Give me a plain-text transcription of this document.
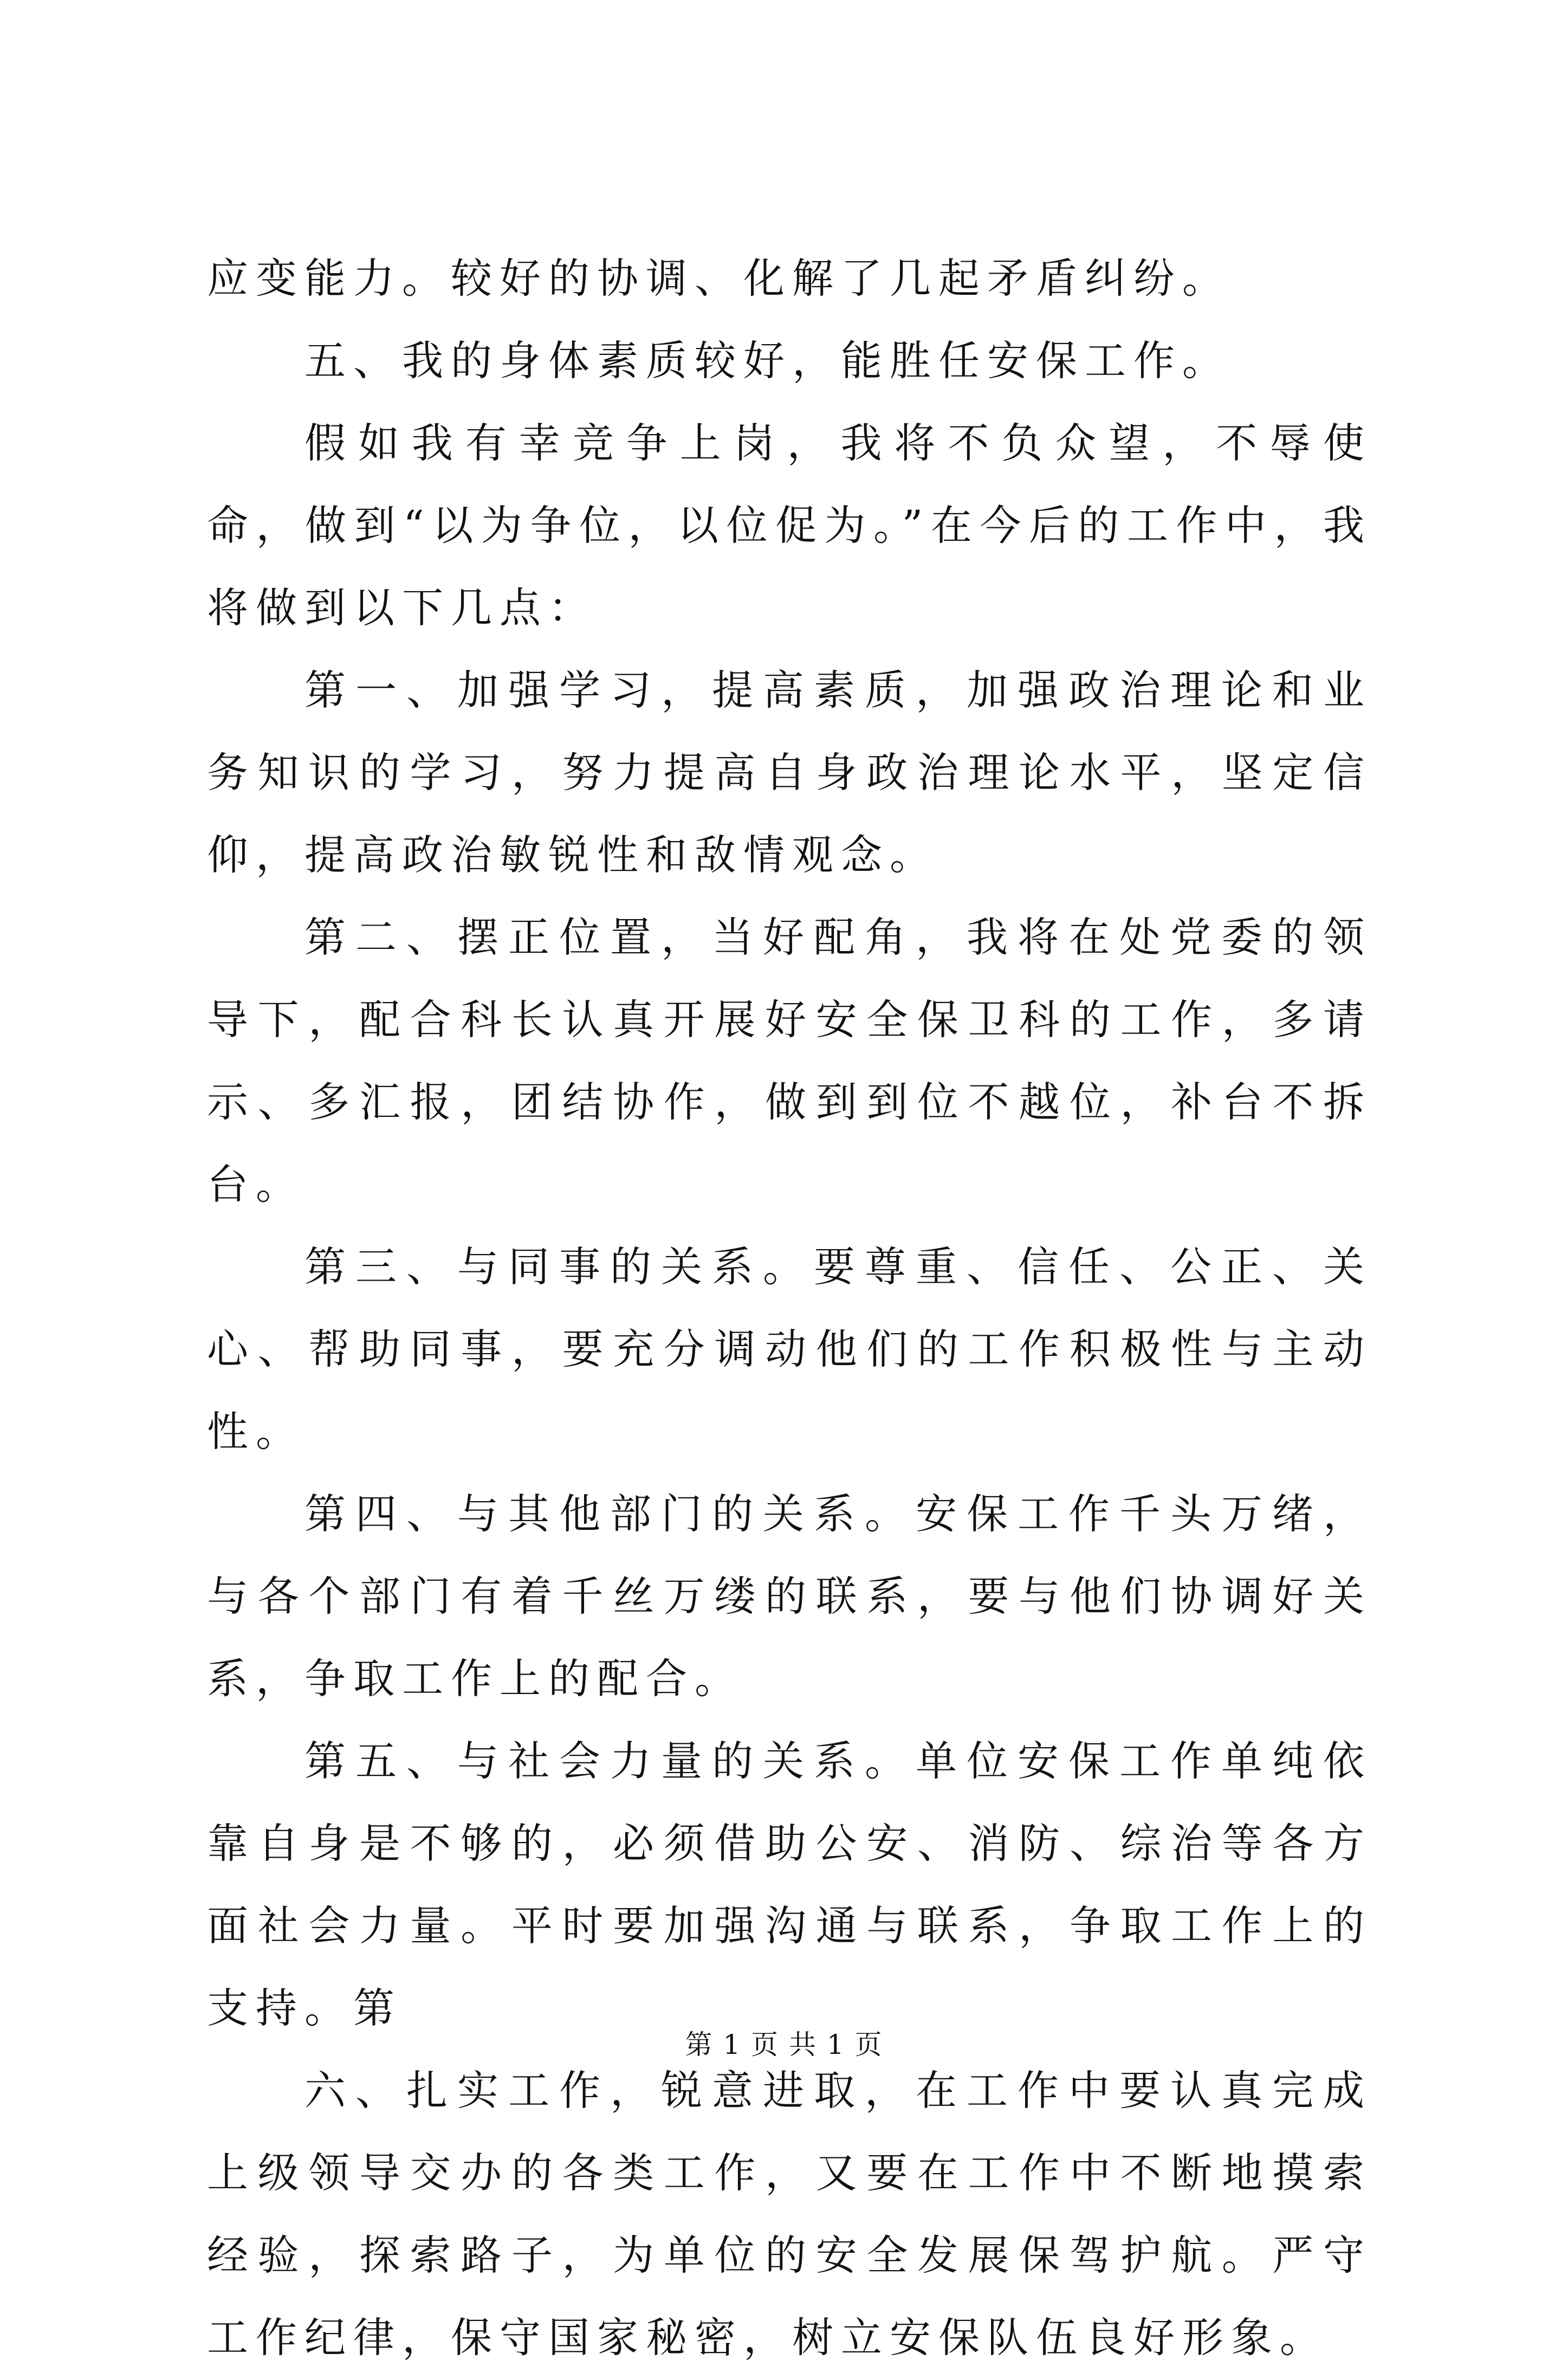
应变能力。较好的协调、化解了几起矛盾纠纷。

五、我的身体素质较好，能胜任安保工作。

假如我有幸竞争上岗，我将不负众望，不辱使命，做到“以为争位，以位促为。”在今后的工作中，我将做到以下几点：

第一、加强学习，提高素质，加强政治理论和业务知识的学习，努力提高自身政治理论水平，坚定信仰，提高政治敏锐性和敌情观念。

第二、摆正位置，当好配角，我将在处党委的领导下，配合科长认真开展好安全保卫科的工作，多请示、多汇报，团结协作，做到到位不越位，补台不拆台。

第三、与同事的关系。要尊重、信任、公正、关心、帮助同事，要充分调动他们的工作积极性与主动性。

第四、与其他部门的关系。安保工作千头万绪，与各个部门有着千丝万缕的联系，要与他们协调好关系，争取工作上的配合。

第五、与社会力量的关系。单位安保工作单纯依靠自身是不够的，必须借助公安、消防、综治等各方面社会力量。平时要加强沟通与联系，争取工作上的支持。第

六、扎实工作，锐意进取，在工作中要认真完成上级领导交办的各类工作，又要在工作中不断地摸索经验，探索路子，为单位的安全发展保驾护航。严守工作纪律，保守国家秘密，树立安保队伍良好形象。

第 1 页 共 1 页
